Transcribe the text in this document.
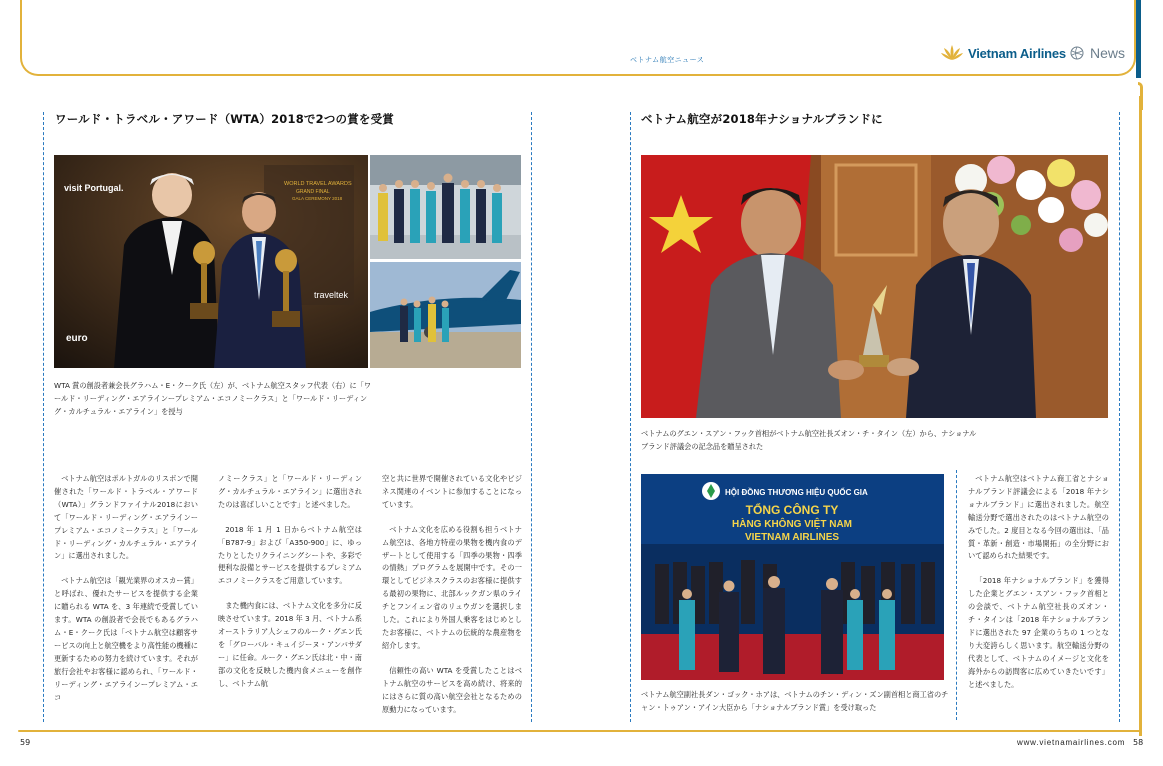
ベトナム航空ニュース	Vietnam Airlines News
ワールド・トラベル・アワード（WTA）2018で2つの賞を受賞
visit Portugal.	WORLD TRAVEL AWARDS
GRAND FINAL
GALA CEREMONY 2018
traveltek
euro
WTA 賞の創設者兼会長グラハム・E・クーク氏（左）が、ベトナム航空スタッフ代表（右）に「ワールド・リーディング・エアラインープレミアム・エコノミークラス」と「ワールド・リーディング・カルチュラル・エアライン」を授与

ベトナム航空はポルトガルのリスボンで開催された「ワールド・トラベル・アワード（WTA）」グランドファイナル2018において「ワールド・リーディング・エアラインープレミアム・エコノミークラス」と「ワールド・リーディング・カルチュラル・エアライン」に選出されました。

ベトナム航空は「観光業界のオスカー賞」と呼ばれ、優れたサービスを提供する企業に贈られる WTA を、3 年連続で受賞しています。WTA の創設者で会長でもあるグラハム・E・クーク氏は「ベトナム航空は顧客サービスの向上と航空機をより高性能の機種に更新するための努力を続けています。それが旅行会社やお客様に認められ、「ワールド・リーディング・エアラインープレミアム・エコ

ノミークラス」と「ワールド・リーディング・カルチュラル・エアライン」に選出されたのは喜ばしいことです」と述べました。

2018 年 1 月 1 日からベトナム航空は「B787-9」および「A350-900」に、ゆったりとしたリクライニングシートや、多彩で便利な設備とサービスを提供するプレミアムエコノミークラスをご用意しています。

また機内食には、ベトナム文化を多分に反映させています。2018 年 3 月、ベトナム系オーストラリア人シェフのルーク・グエン氏を「グローバル・キュイジーヌ・アンバサダー」に任命。ルーク・グエン氏は北・中・南部の文化を反映した機内食メニューを創作し、ベトナム航

空と共に世界で開催されている文化やビジネス関連のイベントに参加することになっています。

ベトナム文化を広める役割も担うベトナム航空は、各地方特産の果物を機内食のデザートとして使用する「四季の果物・四季の情熱」プログラムを展開中です。その一環としてビジネスクラスのお客様に提供する最初の果物に、北部ルックガン県のライチとフンイェン省のリュウガンを選択しました。これにより外国人乗客をはじめとしたお客様に、ベトナムの伝統的な農産物を紹介します。

信頼性の高い WTA を受賞したことはベトナム航空のサービスを高め続け、将来的にはさらに質の高い航空会社となるための原動力になっています。

ベトナム航空が2018年ナショナルブランドに
ベトナムのグエン・スアン・フック首相がベトナム航空社長ズオン・チ・タイン（左）から、ナショナルブランド評議会の記念品を贈呈された
HỘI ĐỒNG THƯƠNG HIỆU QUỐC GIA
TỔNG CÔNG TY
HÀNG KHÔNG VIỆT NAM
VIETNAM AIRLINES
ベトナム航空副社長ダン・ゴック・ホアは、ベトナムのチン・ディン・ズン副首相と商工省のチャン・トゥアン・アイン大臣から「ナショナルブランド賞」を受け取った

ベトナム航空はベトナム商工省とナショナルブランド評議会による「2018 年ナショナルブランド」に選出されました。航空輸送分野で選出されたのはベトナム航空のみでした。2 度目となる今回の選出は、「品質・革新・創造・市場開拓」の全分野において認められた結果です。

「2018 年ナショナルブランド」を獲得した企業とグエン・スアン・フック首相との会談で、ベトナム航空社長のズオン・チ・タインは「2018 年ナショナルブランドに選出された 97 企業のうちの 1 つとなり大変誇らしく思います。航空輸送分野の代表として、ベトナムのイメージと文化を海外からの訪問客に広めていきたいです」と述べました。

59	www.vietnamairlines.com 58
